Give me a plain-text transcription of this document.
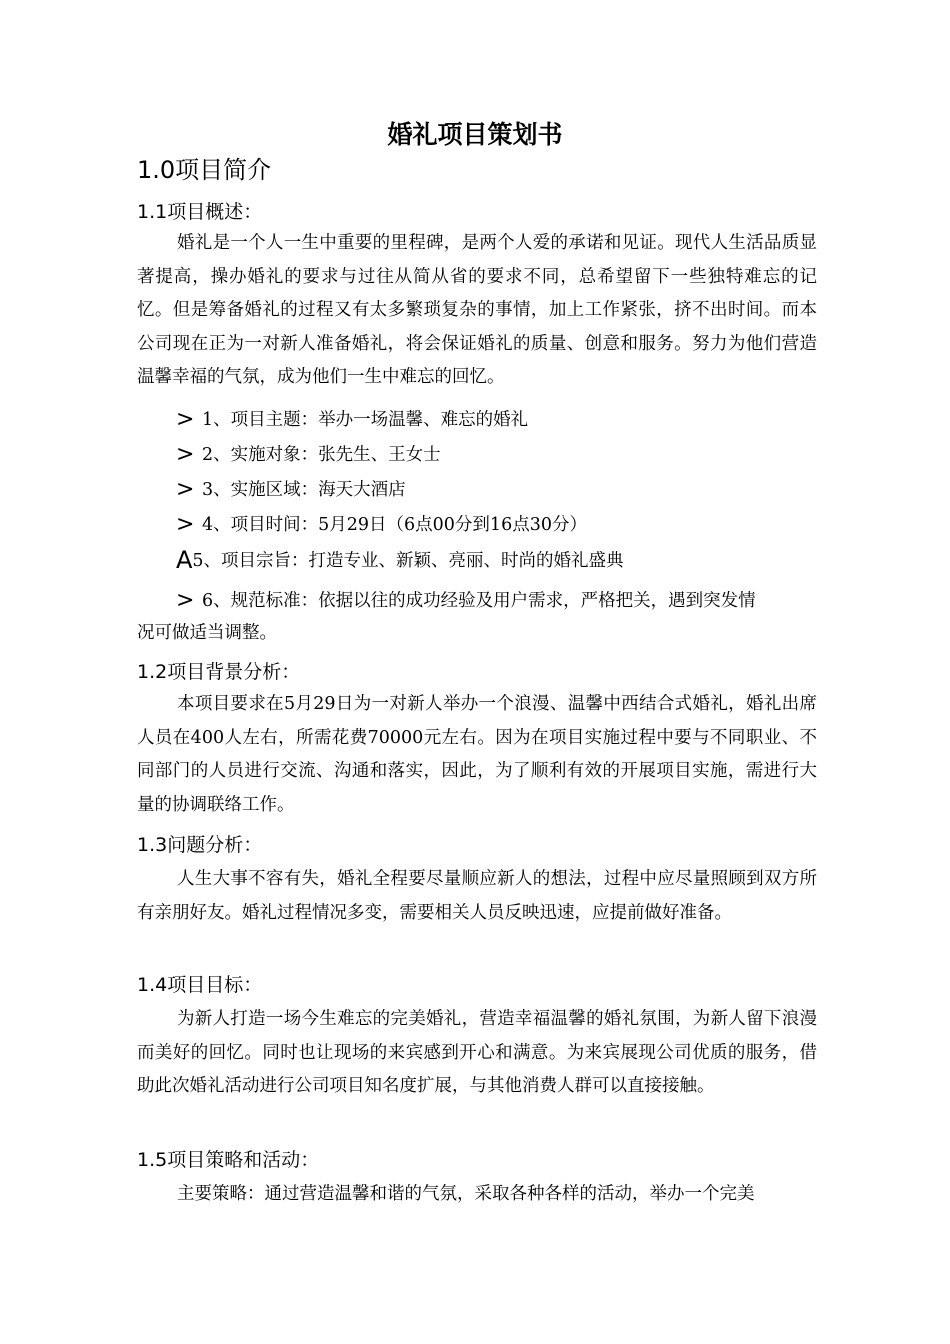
婚礼项目策划书
1.0项目简介
1.1项目概述：
婚礼是一个人一生中重要的里程碑，是两个人爱的承诺和见证。现代人生活品质显著提高，操办婚礼的要求与过往从简从省的要求不同，总希望留下一些独特难忘的记忆。但是筹备婚礼的过程又有太多繁琐复杂的事情，加上工作紧张，挤不出时间。而本公司现在正为一对新人准备婚礼，将会保证婚礼的质量、创意和服务。努力为他们营造温馨幸福的气氛，成为他们一生中难忘的回忆。
> 1、项目主题：举办一场温馨、难忘的婚礼
> 2、实施对象：张先生、王女士
> 3、实施区域：海天大酒店
> 4、项目时间：5月29日（6点00分到16点30分）
A5、项目宗旨：打造专业、新颖、亮丽、时尚的婚礼盛典
> 6、规范标准：依据以往的成功经验及用户需求，严格把关，遇到突发情
况可做适当调整。
1.2项目背景分析：
本项目要求在5月29日为一对新人举办一个浪漫、温馨中西结合式婚礼，婚礼出席人员在400人左右，所需花费70000元左右。因为在项目实施过程中要与不同职业、不同部门的人员进行交流、沟通和落实，因此，为了顺利有效的开展项目实施，需进行大量的协调联络工作。
1.3问题分析：
人生大事不容有失，婚礼全程要尽量顺应新人的想法，过程中应尽量照顾到双方所有亲朋好友。婚礼过程情况多变，需要相关人员反映迅速，应提前做好准备。
1.4项目目标：
为新人打造一场今生难忘的完美婚礼，营造幸福温馨的婚礼氛围，为新人留下浪漫而美好的回忆。同时也让现场的来宾感到开心和满意。为来宾展现公司优质的服务，借助此次婚礼活动进行公司项目知名度扩展，与其他消费人群可以直接接触。
1.5项目策略和活动：
主要策略：通过营造温馨和谐的气氛，采取各种各样的活动，举办一个完美
